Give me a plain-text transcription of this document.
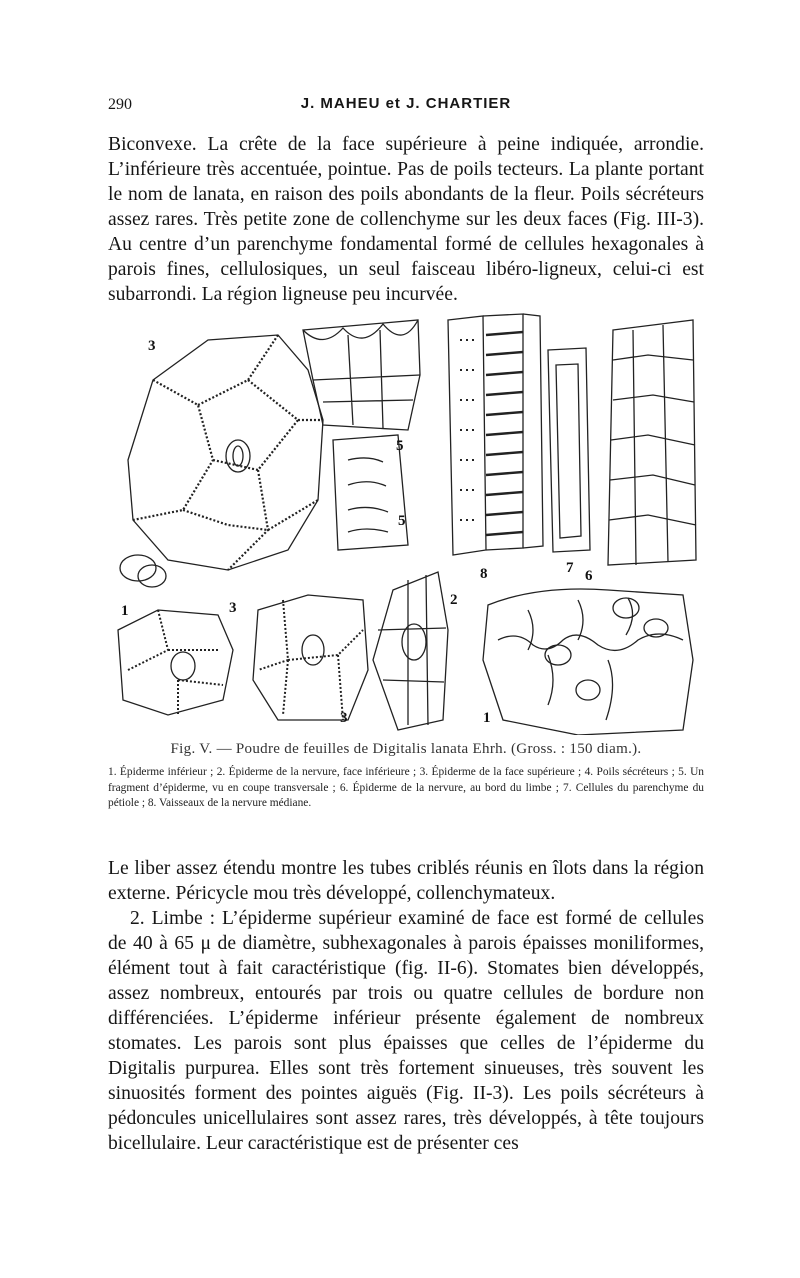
290	J. MAHEU et J. CHARTIER

Biconvexe. La crête de la face supérieure à peine indiquée, arrondie. L’inférieure très accentuée, pointue. Pas de poils tecteurs. La plante portant le nom de lanata, en raison des poils abondants de la fleur. Poils sécréteurs assez rares. Très petite zone de collenchyme sur les deux faces (Fig. III-3). Au centre d’un parenchyme fondamental formé de cellules hexagonales à parois fines, cellulosiques, un seul faisceau libéro-ligneux, celui-ci est subarrondi. La région ligneuse peu incurvée.

3
5
5
8	7 6
1	3	2
3	1
Fig. V. — Poudre de feuilles de Digitalis lanata Ehrh. (Gross. : 150 diam.).

1. Épiderme inférieur ; 2. Épiderme de la nervure, face inférieure ; 3. Épiderme de la face supérieure ; 4. Poils sécréteurs ; 5. Un fragment d’épiderme, vu en coupe transversale ; 6. Épiderme de la nervure, au bord du limbe ; 7. Cellules du parenchyme du pétiole ; 8. Vaisseaux de la nervure médiane.

Le liber assez étendu montre les tubes criblés réunis en îlots dans la région externe. Péricycle mou très développé, collenchymateux.

2. Limbe : L’épiderme supérieur examiné de face est formé de cellules de 40 à 65 μ de diamètre, subhexagonales à parois épaisses moniliformes, élément tout à fait caractéristique (fig. II-6). Stomates bien développés, assez nombreux, entourés par trois ou quatre cellules de bordure non différenciées. L’épiderme inférieur présente également de nombreux stomates. Les parois sont plus épaisses que celles de l’épiderme du Digitalis purpurea. Elles sont très fortement sinueuses, très souvent les sinuosités forment des pointes aiguës (Fig. II-3). Les poils sécréteurs à pédoncules unicellulaires sont assez rares, très développés, à tête toujours bicellulaire. Leur caractéristique est de présenter ces
